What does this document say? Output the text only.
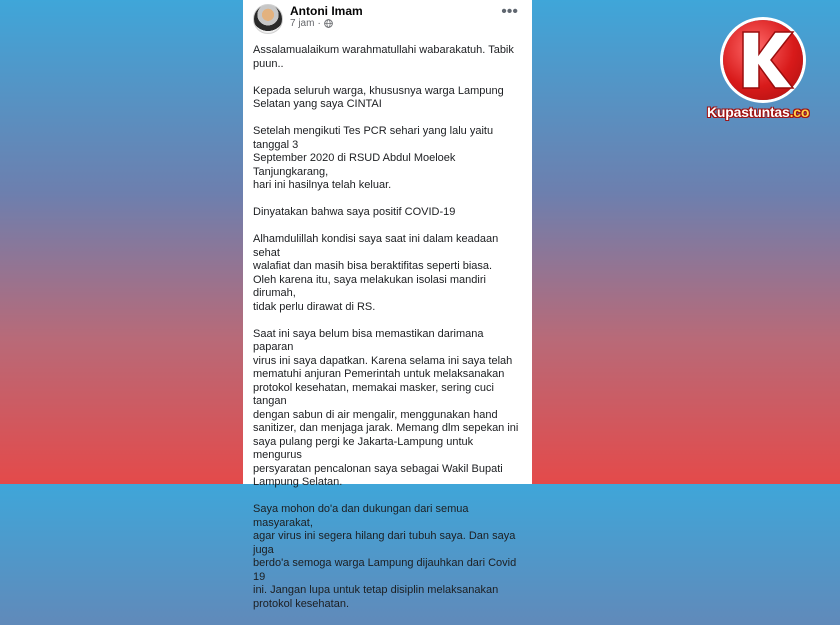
Antoni Imam
7 jam ·
•••

Assalamualaikum warahmatullahi wabarakatuh. Tabik
puun..

Kepada seluruh warga, khususnya warga Lampung
Selatan yang saya CINTAI

Setelah mengikuti Tes PCR sehari yang lalu yaitu tanggal 3
September 2020 di RSUD Abdul Moeloek Tanjungkarang,
hari ini hasilnya telah keluar.

Dinyatakan bahwa saya positif COVID-19

Alhamdulillah kondisi saya saat ini dalam keadaan sehat
walafiat dan masih bisa beraktifitas seperti biasa.
Oleh karena itu, saya melakukan isolasi mandiri dirumah,
tidak perlu dirawat di RS.

Saat ini saya belum bisa memastikan darimana paparan
virus ini saya dapatkan. Karena selama ini saya telah
mematuhi anjuran Pemerintah untuk melaksanakan
protokol kesehatan, memakai masker, sering cuci tangan
dengan sabun di air mengalir, menggunakan hand
sanitizer, dan menjaga jarak. Memang dlm sepekan ini
saya pulang pergi ke Jakarta-Lampung untuk mengurus
persyaratan pencalonan saya sebagai Wakil Bupati
Lampung Selatan.

Saya mohon do'a dan dukungan dari semua masyarakat,
agar virus ini segera hilang dari tubuh saya. Dan saya juga
berdo'a semoga warga Lampung dijauhkan dari Covid 19
ini. Jangan lupa untuk tetap disiplin melaksanakan
protokol kesehatan.

Kupastuntas.co
